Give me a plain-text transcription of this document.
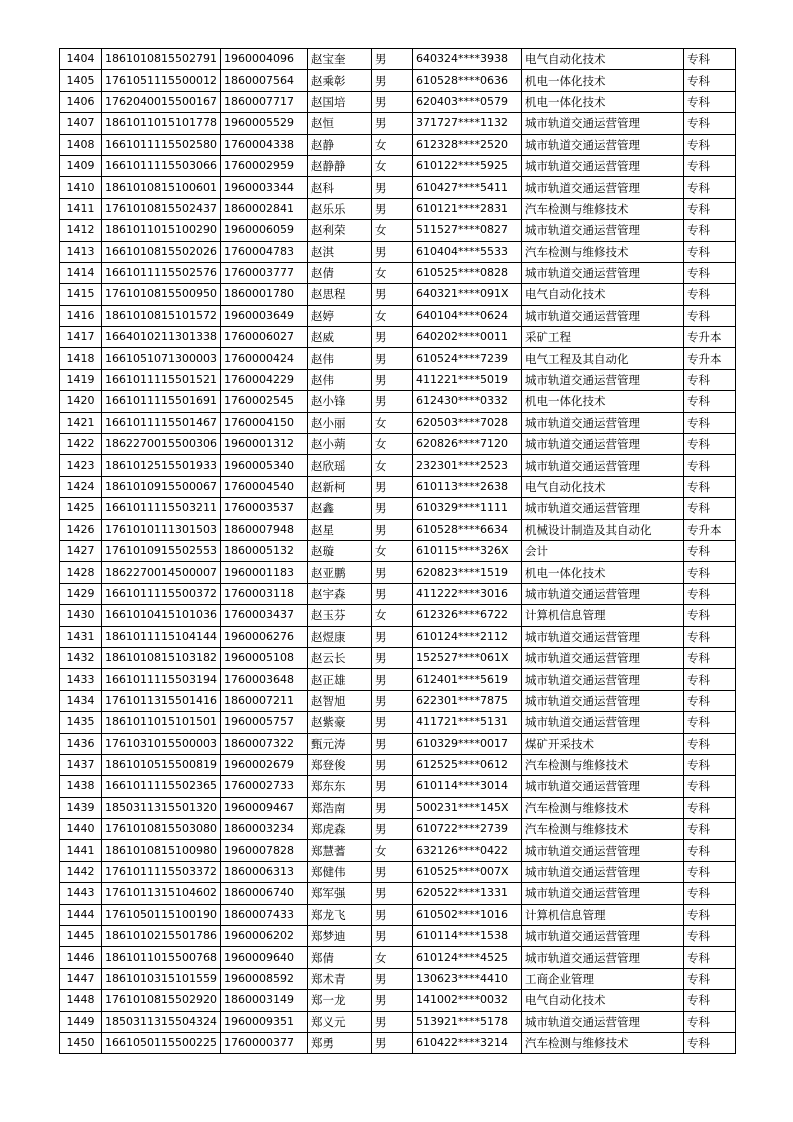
1404	1861010815502791	1960004096	赵宝奎	男	640324****3938	电气自动化技术	专科
1405	1761051115500012	1860007564	赵乘彰	男	610528****0636	机电一体化技术	专科
1406	1762040015500167	1860007717	赵国培	男	620403****0579	机电一体化技术	专科
1407	1861011015101778	1960005529	赵恒	男	371727****1132	城市轨道交通运营管理	专科
1408	1661011115502580	1760004338	赵静	女	612328****2520	城市轨道交通运营管理	专科
1409	1661011115503066	1760002959	赵静静	女	610122****5925	城市轨道交通运营管理	专科
1410	1861010815100601	1960003344	赵科	男	610427****5411	城市轨道交通运营管理	专科
1411	1761010815502437	1860002841	赵乐乐	男	610121****2831	汽车检测与维修技术	专科
1412	1861011015100290	1960006059	赵利荣	女	511527****0827	城市轨道交通运营管理	专科
1413	1661010815502026	1760004783	赵淇	男	610404****5533	汽车检测与维修技术	专科
1414	1661011115502576	1760003777	赵倩	女	610525****0828	城市轨道交通运营管理	专科
1415	1761010815500950	1860001780	赵思程	男	640321****091X	电气自动化技术	专科
1416	1861010815101572	1960003649	赵婷	女	640104****0624	城市轨道交通运营管理	专科
1417	1664010211301338	1760006027	赵威	男	640202****0011	采矿工程	专升本
1418	1661051071300003	1760000424	赵伟	男	610524****7239	电气工程及其自动化	专升本
1419	1661011115501521	1760004229	赵伟	男	411221****5019	城市轨道交通运营管理	专科
1420	1661011115501691	1760002545	赵小锋	男	612430****0332	机电一体化技术	专科
1421	1661011115501467	1760004150	赵小丽	女	620503****7028	城市轨道交通运营管理	专科
1422	1862270015500306	1960001312	赵小蒴	女	620826****7120	城市轨道交通运营管理	专科
1423	1861012515501933	1960005340	赵欣瑶	女	232301****2523	城市轨道交通运营管理	专科
1424	1861010915500067	1760004540	赵新柯	男	610113****2638	电气自动化技术	专科
1425	1661011115503211	1760003537	赵鑫	男	610329****1111	城市轨道交通运营管理	专科
1426	1761010111301503	1860007948	赵星	男	610528****6634	机械设计制造及其自动化	专升本
1427	1761010915502553	1860005132	赵璇	女	610115****326X	会计	专科
1428	1862270014500007	1960001183	赵亚鹏	男	620823****1519	机电一体化技术	专科
1429	1661011115500372	1760003118	赵宇森	男	411222****3016	城市轨道交通运营管理	专科
1430	1661010415101036	1760003437	赵玉芬	女	612326****6722	计算机信息管理	专科
1431	1861011115104144	1960006276	赵煜康	男	610124****2112	城市轨道交通运营管理	专科
1432	1861010815103182	1960005108	赵云长	男	152527****061X	城市轨道交通运营管理	专科
1433	1661011115503194	1760003648	赵正雄	男	612401****5619	城市轨道交通运营管理	专科
1434	1761011315501416	1860007211	赵智旭	男	622301****7875	城市轨道交通运营管理	专科
1435	1861011015101501	1960005757	赵紫豪	男	411721****5131	城市轨道交通运营管理	专科
1436	1761031015500003	1860007322	甄元涛	男	610329****0017	煤矿开采技术	专科
1437	1861010515500819	1960002679	郑登俊	男	612525****0612	汽车检测与维修技术	专科
1438	1661011115502365	1760002733	郑东东	男	610114****3014	城市轨道交通运营管理	专科
1439	1850311315501320	1960009467	郑浩南	男	500231****145X	汽车检测与维修技术	专科
1440	1761010815503080	1860003234	郑虎森	男	610722****2739	汽车检测与维修技术	专科
1441	1861010815100980	1960007828	郑慧蓍	女	632126****0422	城市轨道交通运营管理	专科
1442	1761011115503372	1860006313	郑健伟	男	610525****007X	城市轨道交通运营管理	专科
1443	1761011315104602	1860006740	郑军强	男	620522****1331	城市轨道交通运营管理	专科
1444	1761050115100190	1860007433	郑龙飞	男	610502****1016	计算机信息管理	专科
1445	1861010215501786	1960006202	郑梦迪	男	610114****1538	城市轨道交通运营管理	专科
1446	1861011015500768	1960009640	郑倩	女	610124****4525	城市轨道交通运营管理	专科
1447	1861010315101559	1960008592	郑术青	男	130623****4410	工商企业管理	专科
1448	1761010815502920	1860003149	郑一龙	男	141002****0032	电气自动化技术	专科
1449	1850311315504324	1960009351	郑义元	男	513921****5178	城市轨道交通运营管理	专科
1450	1661050115500225	1760000377	郑勇	男	610422****3214	汽车检测与维修技术	专科
